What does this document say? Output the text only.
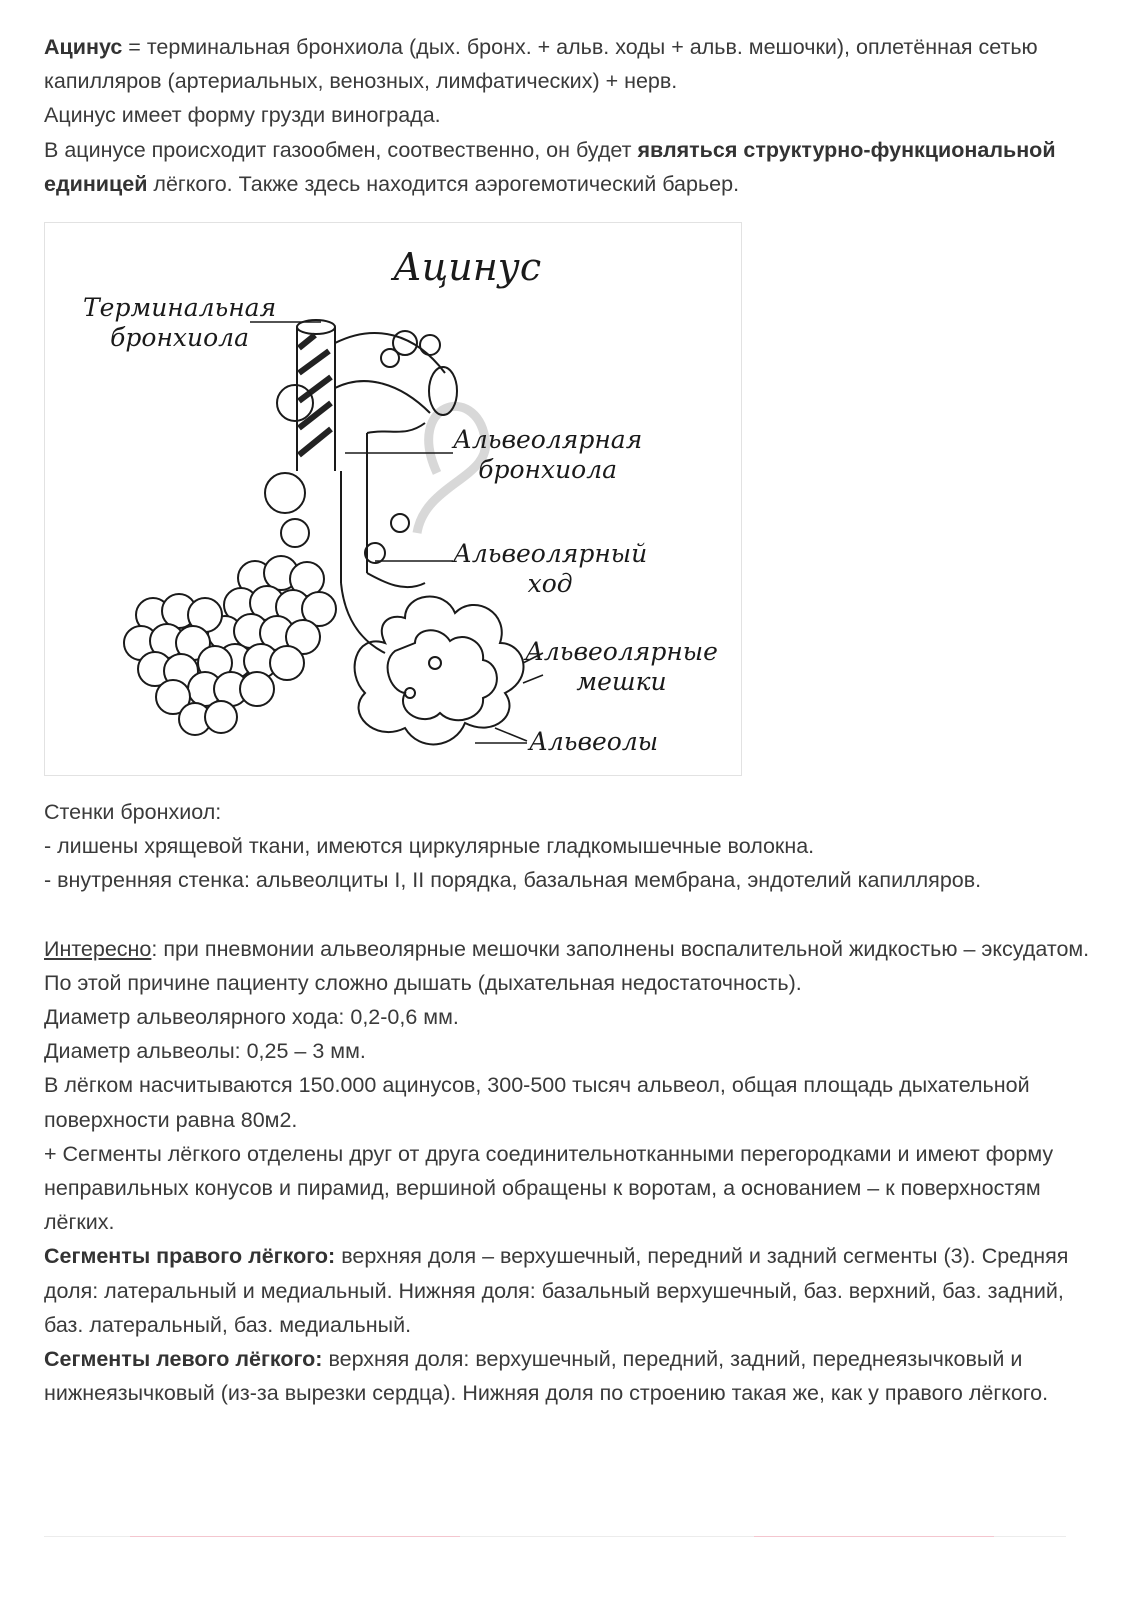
Ацинус = терминальная бронхиола (дых. бронх. + альв. ходы + альв. мешочки), оплетённая сетью капилляров (артериальных, венозных, лимфатических) + нерв.

Ацинус имеет форму грузди винограда.

В ацинусе происходит газообмен, соотвественно, он будет являться структурно-функциональной единицей лёгкого. Также здесь находится аэрогемотический барьер.

Ацинус
Терминальная
бронхиола
Альвеолярная
бронхиола
Альвеолярный
ход
Альвеолярные
мешки
Альвеолы

Стенки бронхиол:

- лишены хрящевой ткани, имеются циркулярные гладкомышечные волокна.

- внутренняя стенка: альвеолциты I, II порядка, базальная мембрана, эндотелий капилляров.

Интересно: при пневмонии альвеолярные мешочки заполнены воспалительной жидкостью – эксудатом. По этой причине пациенту сложно дышать (дыхательная недостаточность).

Диаметр альвеолярного хода: 0,2-0,6 мм.

Диаметр альвеолы: 0,25 – 3 мм.

В лёгком насчитываются 150.000 ацинусов, 300-500 тысяч альвеол, общая площадь дыхательной поверхности равна 80м2.

+ Сегменты лёгкого отделены друг от друга соединительнотканными перегородками и имеют форму неправильных конусов и пирамид, вершиной обращены к воротам, а основанием – к поверхностям лёгких.

Сегменты правого лёгкого: верхняя доля – верхушечный, передний и задний сегменты (3). Средняя доля: латеральный и медиальный. Нижняя доля: базальный верхушечный, баз. верхний, баз. задний, баз. латеральный, баз. медиальный.

Сегменты левого лёгкого: верхняя доля: верхушечный, передний, задний, переднеязычковый и нижнеязычковый (из-за вырезки сердца). Нижняя доля по строению такая же, как у правого лёгкого.
